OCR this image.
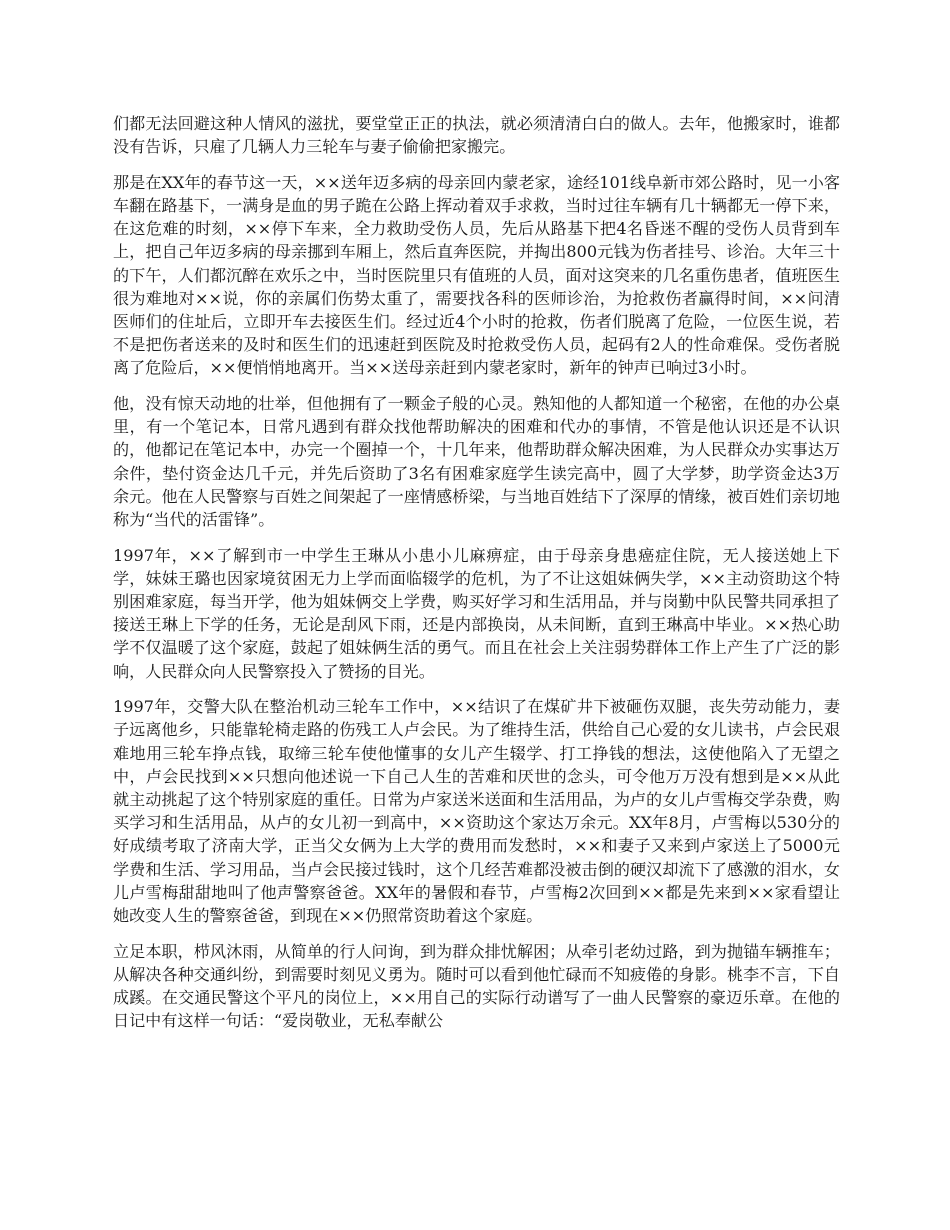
们都无法回避这种人情风的滋扰，要堂堂正正的执法，就必须清清白白的做人。去年，他搬家时，谁都没有告诉，只雇了几辆人力三轮车与妻子偷偷把家搬完。

那是在XX年的春节这一天，××送年迈多病的母亲回内蒙老家，途经101线阜新市郊公路时，见一小客车翻在路基下，一满身是血的男子跪在公路上挥动着双手求救，当时过往车辆有几十辆都无一停下来，在这危难的时刻，××停下车来，全力救助受伤人员，先后从路基下把4名昏迷不醒的受伤人员背到车上，把自己年迈多病的母亲挪到车厢上，然后直奔医院，并掏出800元钱为伤者挂号、诊治。大年三十的下午，人们都沉醉在欢乐之中，当时医院里只有值班的人员，面对这突来的几名重伤患者，值班医生很为难地对××说，你的亲属们伤势太重了，需要找各科的医师诊治，为抢救伤者赢得时间，××问清医师们的住址后，立即开车去接医生们。经过近4个小时的抢救，伤者们脱离了危险，一位医生说，若不是把伤者送来的及时和医生们的迅速赶到医院及时抢救受伤人员，起码有2人的性命难保。受伤者脱离了危险后，××便悄悄地离开。当××送母亲赶到内蒙老家时，新年的钟声已响过3小时。

他，没有惊天动地的壮举，但他拥有了一颗金子般的心灵。熟知他的人都知道一个秘密，在他的办公桌里，有一个笔记本，日常凡遇到有群众找他帮助解决的困难和代办的事情，不管是他认识还是不认识的，他都记在笔记本中，办完一个圈掉一个，十几年来，他帮助群众解决困难，为人民群众办实事达万余件，垫付资金达几千元，并先后资助了3名有困难家庭学生读完高中，圆了大学梦，助学资金达3万余元。他在人民警察与百姓之间架起了一座情感桥梁，与当地百姓结下了深厚的情缘，被百姓们亲切地称为“当代的活雷锋”。

1997年，××了解到市一中学生王琳从小患小儿麻痹症，由于母亲身患癌症住院，无人接送她上下学，妹妹王璐也因家境贫困无力上学而面临辍学的危机，为了不让这姐妹俩失学，××主动资助这个特别困难家庭，每当开学，他为姐妹俩交上学费，购买好学习和生活用品，并与岗勤中队民警共同承担了接送王琳上下学的任务，无论是刮风下雨，还是内部换岗，从未间断，直到王琳高中毕业。××热心助学不仅温暖了这个家庭，鼓起了姐妹俩生活的勇气。而且在社会上关注弱势群体工作上产生了广泛的影响，人民群众向人民警察投入了赞扬的目光。

1997年，交警大队在整治机动三轮车工作中，××结识了在煤矿井下被砸伤双腿，丧失劳动能力，妻子远离他乡，只能靠轮椅走路的伤残工人卢会民。为了维持生活，供给自己心爱的女儿读书，卢会民艰难地用三轮车挣点钱，取缔三轮车使他懂事的女儿产生辍学、打工挣钱的想法，这使他陷入了无望之中，卢会民找到××只想向他述说一下自己人生的苦难和厌世的念头，可令他万万没有想到是××从此就主动挑起了这个特别家庭的重任。日常为卢家送米送面和生活用品，为卢的女儿卢雪梅交学杂费，购买学习和生活用品，从卢的女儿初一到高中，××资助这个家达万余元。XX年8月，卢雪梅以530分的好成绩考取了济南大学，正当父女俩为上大学的费用而发愁时，××和妻子又来到卢家送上了5000元学费和生活、学习用品，当卢会民接过钱时，这个几经苦难都没被击倒的硬汉却流下了感激的泪水，女儿卢雪梅甜甜地叫了他声警察爸爸。XX年的暑假和春节，卢雪梅2次回到××都是先来到××家看望让她改变人生的警察爸爸，到现在××仍照常资助着这个家庭。

立足本职，栉风沐雨，从简单的行人问询，到为群众排忧解困；从牵引老幼过路，到为抛锚车辆推车；从解决各种交通纠纷，到需要时刻见义勇为。随时可以看到他忙碌而不知疲倦的身影。桃李不言，下自成蹊。在交通民警这个平凡的岗位上，××用自己的实际行动谱写了一曲人民警察的豪迈乐章。在他的日记中有这样一句话：“爱岗敬业，无私奉献公
